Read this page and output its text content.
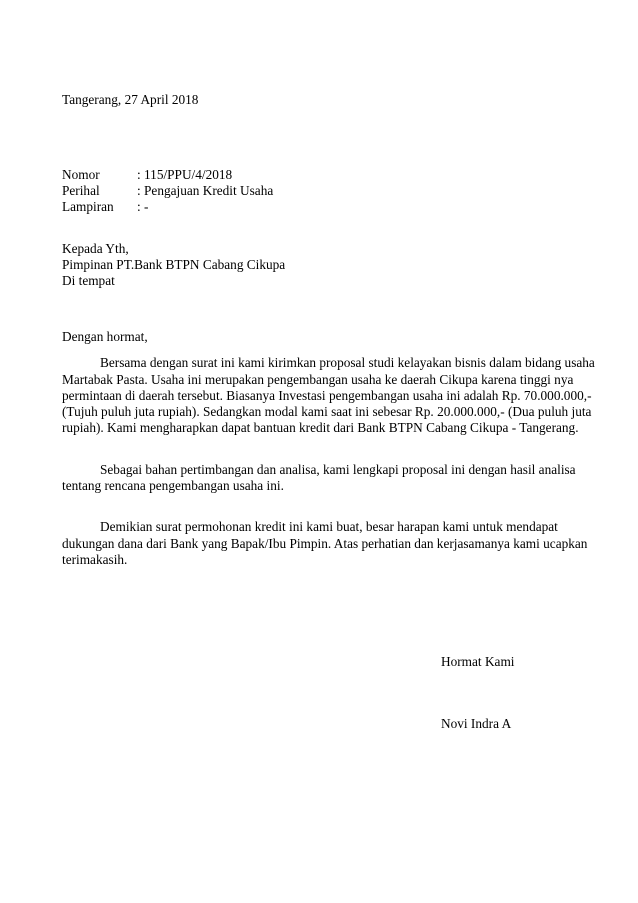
Tangerang, 27 April 2018
Nomor	: 115/PPU/4/2018
Perihal	: Pengajuan Kredit Usaha
Lampiran : -
Kepada Yth,
Pimpinan PT.Bank BTPN Cabang Cikupa
Di tempat
Dengan hormat,
Bersama dengan surat ini kami kirimkan proposal studi kelayakan bisnis dalam bidang usaha
Martabak Pasta. Usaha ini merupakan pengembangan usaha ke daerah Cikupa karena tinggi nya
permintaan di daerah tersebut. Biasanya Investasi pengembangan usaha ini adalah Rp. 70.000.000,-
(Tujuh puluh juta rupiah). Sedangkan modal kami saat ini sebesar Rp. 20.000.000,- (Dua puluh juta
rupiah). Kami mengharapkan dapat bantuan kredit dari Bank BTPN Cabang Cikupa - Tangerang.
Sebagai bahan pertimbangan dan analisa, kami lengkapi proposal ini dengan hasil analisa
tentang rencana pengembangan usaha ini.
Demikian surat permohonan kredit ini kami buat, besar harapan kami untuk mendapat
dukungan dana dari Bank yang Bapak/Ibu Pimpin. Atas perhatian dan kerjasamanya kami ucapkan
terimakasih.
Hormat Kami
Novi Indra A
